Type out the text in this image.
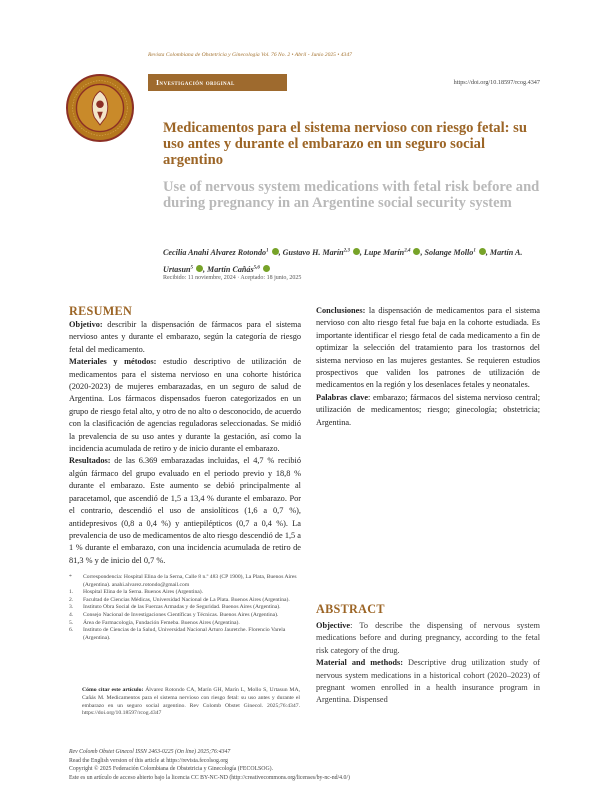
Revista Colombiana de Obstetricia y Ginecología Vol. 76 No. 2 • Abril - Junio 2025 • 4347
Investigación original	https://doi.org/10.18597/rcog.4347
Medicamentos para el sistema nervioso con riesgo fetal: su uso antes y durante el embarazo en un seguro social argentino
Use of nervous system medications with fetal risk before and during pregnancy in an Argentine social security system
Cecilia Anahi Alvarez Rotondo$^1$ , Gustavo H. Marín$^{2,3}$ , Lupe Marín$^{2,4}$ , Solange Mollo$^1$ , Martín A. Urtasun$^5$ , Martín Cañás$^{5,6}$
Recibido: 11 noviembre, 2024 · Aceptado: 18 junio, 2025
RESUMEN

Objetivo: describir la dispensación de fármacos para el sistema nervioso antes y durante el embarazo, según la categoría de riesgo fetal del medicamento.

Materiales y métodos: estudio descriptivo de utilización de medicamentos para el sistema nervioso en una cohorte histórica (2020-2023) de mujeres embarazadas, en un seguro de salud de Argentina. Los fármacos dispensados fueron categorizados en un grupo de riesgo fetal alto, y otro de no alto o desconocido, de acuerdo con la clasificación de agencias reguladoras seleccionadas. Se midió la prevalencia de su uso antes y durante la gestación, así como la incidencia acumulada de retiro y de inicio durante el embarazo.

Resultados: de las 6.369 embarazadas incluidas, el 4,7 % recibió algún fármaco del grupo evaluado en el periodo previo y 18,8 % durante el embarazo. Este aumento se debió principalmente al paracetamol, que ascendió de 1,5 a 13,4 % durante el embarazo. Por el contrario, descendió el uso de ansiolíticos (1,6 a 0,7 %), antidepresivos (0,8 a 0,4 %) y antiepilépticos (0,7 a 0,4 %). La prevalencia de uso de medicamentos de alto riesgo descendió de 1,5 a 1 % durante el embarazo, con una incidencia acumulada de retiro de 81,3 % y de inicio del 0,7 %.

Conclusiones: la dispensación de medicamentos para el sistema nervioso con alto riesgo fetal fue baja en la cohorte estudiada. Es importante identificar el riesgo fetal de cada medicamento a fin de optimizar la selección del tratamiento para los trastornos del sistema nervioso en las mujeres gestantes. Se requieren estudios prospectivos que validen los patrones de utilización de medicamentos en la región y los desenlaces fetales y neonatales.

Palabras clave: embarazo; fármacos del sistema nervioso central; utilización de medicamentos; riesgo; ginecología; obstetricia; Argentina.

*	Correspondencia: Hospital Elina de la Serna, Calle 8 n.º 483 (CP 1900), La Plata, Buenos Aires (Argentina). anahi.alvarez.rotondo@gmail.com
1.	Hospital Elina de la Serna. Buenos Aires (Argentina).
2.	Facultad de Ciencias Médicas, Universidad Nacional de La Plata. Buenos Aires (Argentina).
3.	Instituto Obra Social de las Fuerzas Armadas y de Seguridad. Buenos Aires (Argentina).
4.	Consejo Nacional de Investigaciones Científicas y Técnicas. Buenos Aires (Argentina).
5.	Área de Farmacología, Fundación Femeba. Buenos Aires (Argentina).
6.	Instituto de Ciencias de la Salud, Universidad Nacional Arturo Jauretche. Florencio Varela (Argentina).
Cómo citar este artículo: Álvarez Rotondo CA, Marín GH, Marín L, Mollo S, Urtasun MA, Cañás M. Medicamentos para el sistema nervioso con riesgo fetal: su uso antes y durante el embarazo en un seguro social argentino. Rev Colomb Obstet Ginecol. 2025;76:4347. https://doi.org/10.18597/rcog.4347
ABSTRACT

Objective: To describe the dispensing of nervous system medications before and during pregnancy, according to the fetal risk category of the drug.

Material and methods: Descriptive drug utilization study of nervous system medications in a historical cohort (2020–2023) of pregnant women enrolled in a health insurance program in Argentina. Dispensed

Rev Colomb Obstet Ginecol ISSN 2463-0225 (On line) 2025;76:4347
Read the English version of this article at https://revista.fecolsog.org
Copyright © 2025 Federación Colombiana de Obstetricia y Ginecología (FECOLSOG).
Este es un artículo de acceso abierto bajo la licencia CC BY-NC-ND (http://creativecommons.org/licenses/by-nc-nd/4.0/)
